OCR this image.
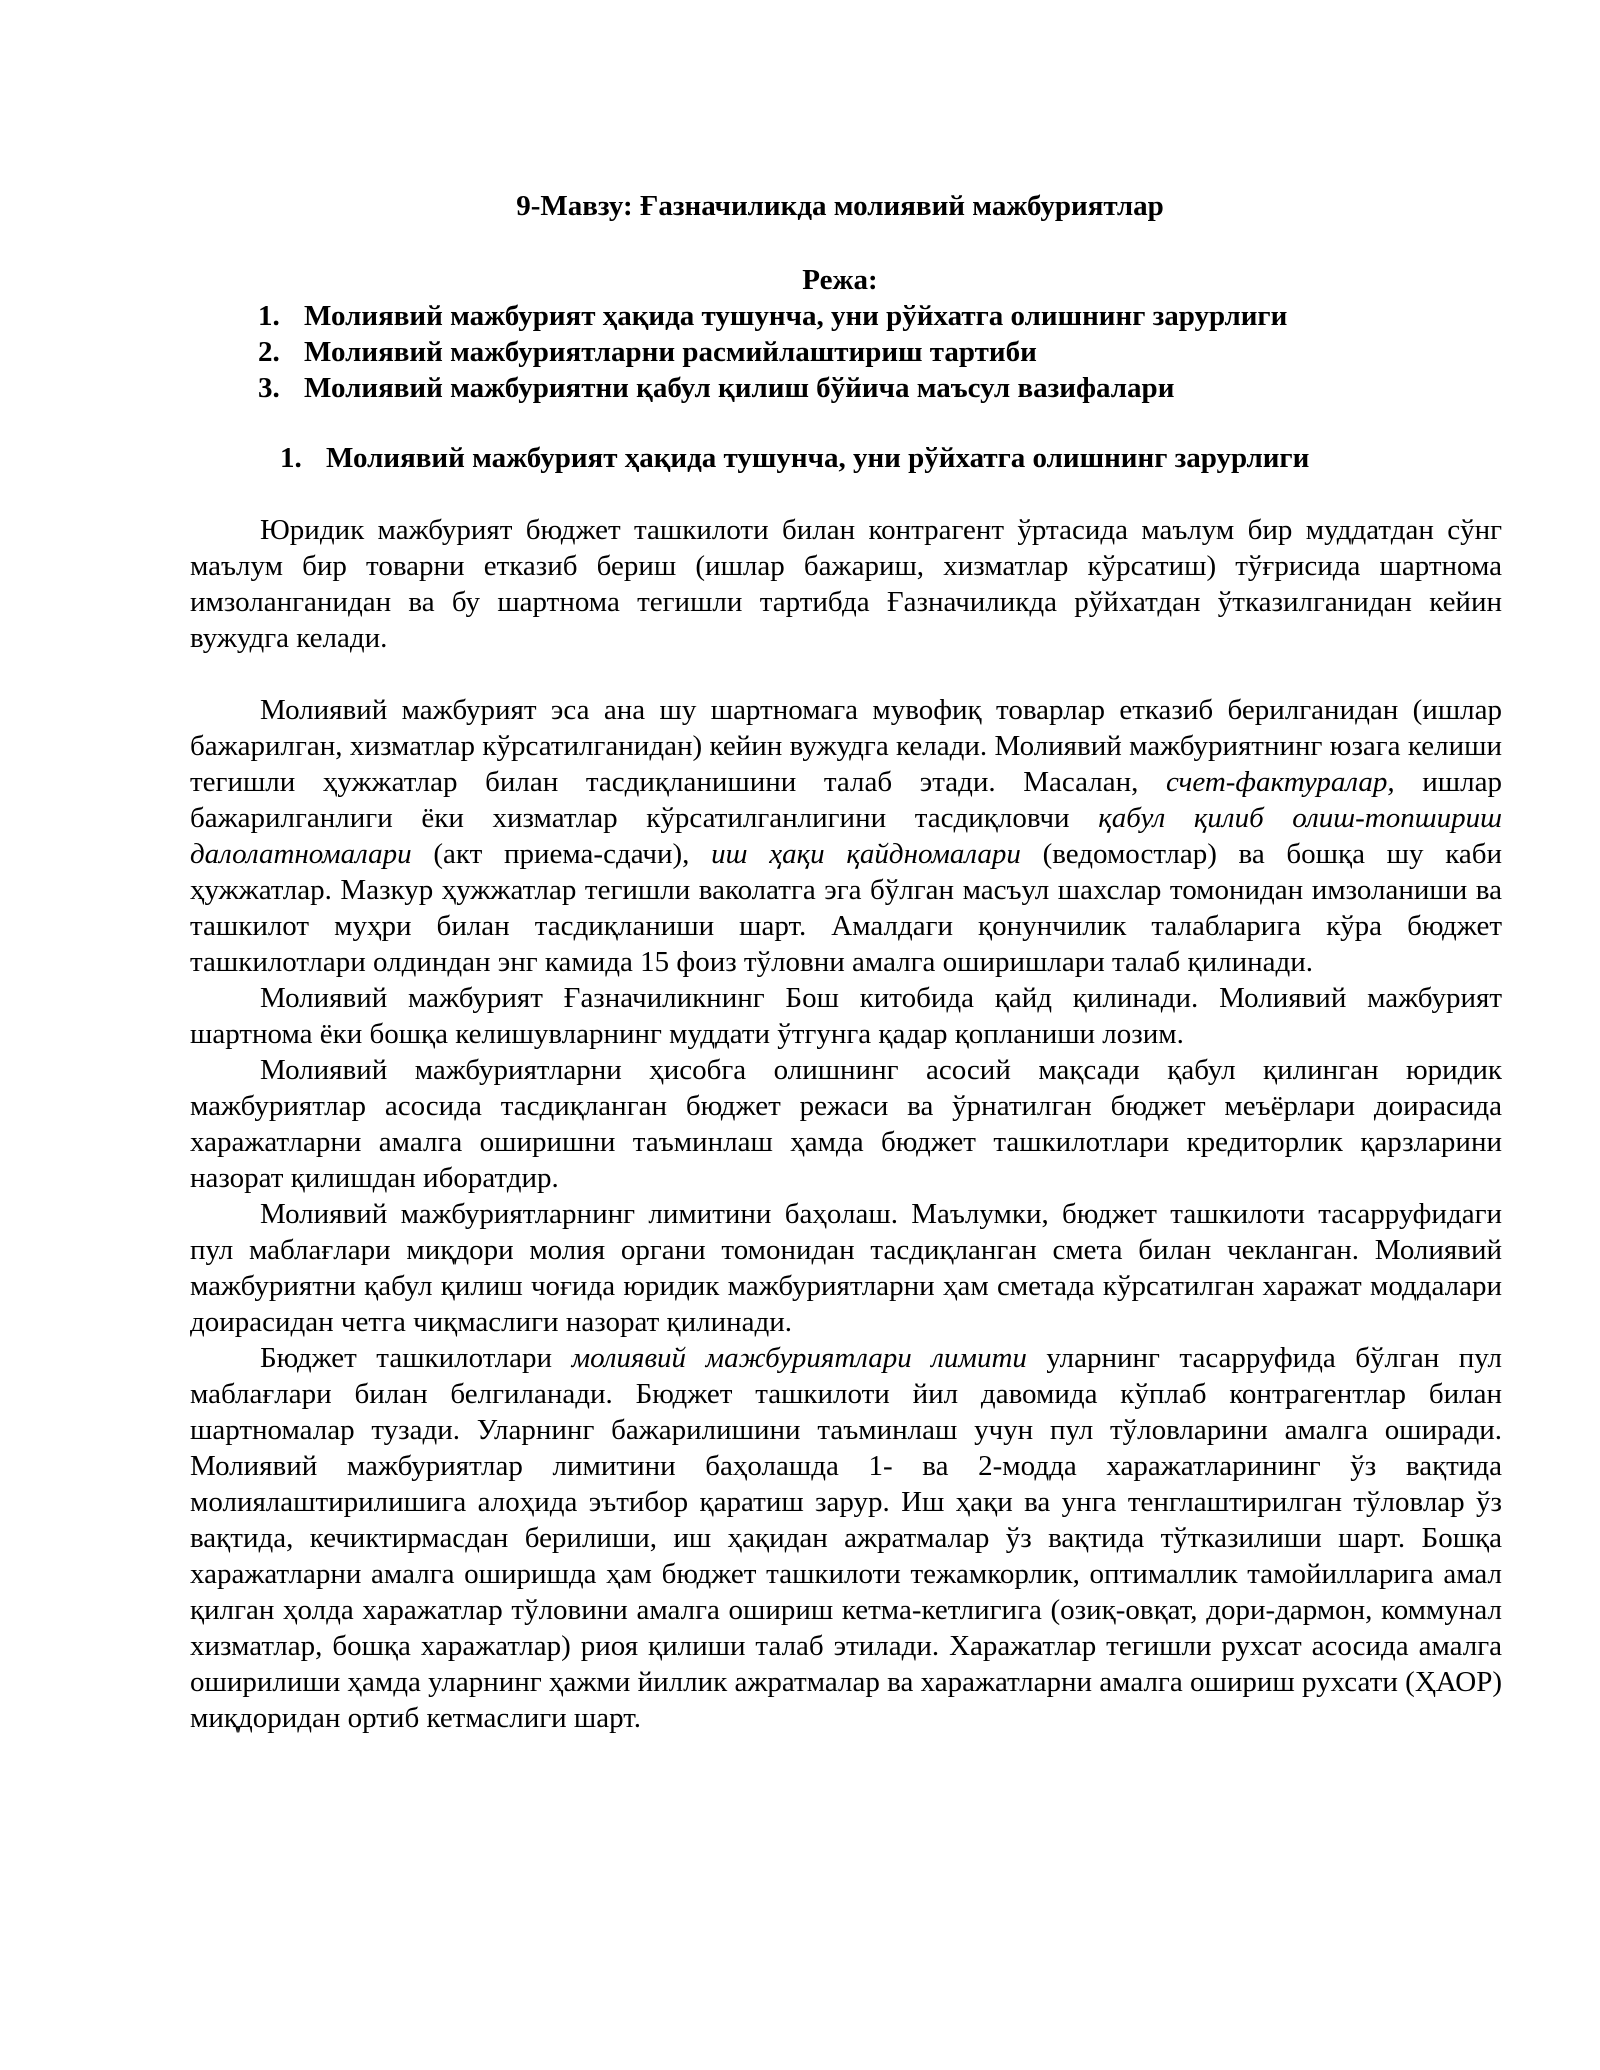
9-Мавзу: Ғазначиликда молиявий мажбуриятлар
Режа:
1. Молиявий мажбурият ҳақида тушунча, уни рўйхатга олишнинг зарурлиги
2. Молиявий мажбуриятларни расмийлаштириш тартиби
3. Молиявий мажбуриятни қабул қилиш бўйича маъсул вазифалари
1. Молиявий мажбурият ҳақида тушунча, уни рўйхатга олишнинг зарурлиги

Юридик мажбурият бюджет ташкилоти билан контрагент ўртасида маълум бир муддатдан сўнг маълум бир товарни етказиб бериш (ишлар бажариш, хизматлар кўрсатиш) тўғрисида шартнома имзоланганидан ва бу шартнома тегишли тартибда Ғазначиликда рўйхатдан ўтказилганидан кейин вужудга келади.

Молиявий мажбурият эса ана шу шартномага мувофиқ товарлар етказиб берилганидан (ишлар бажарилган, хизматлар кўрсатилганидан) кейин вужудга келади. Молиявий мажбуриятнинг юзага келиши тегишли ҳужжатлар билан тасдиқланишини талаб этади. Масалан, счет-фактуралар, ишлар бажарилганлиги ёки хизматлар кўрсатилганлигини тасдиқловчи қабул қилиб олиш-топшириш далолатномалари (акт приема-сдачи), иш ҳақи қайдномалари (ведомостлар) ва бошқа шу каби ҳужжатлар. Мазкур ҳужжатлар тегишли ваколатга эга бўлган масъул шахслар томонидан имзоланиши ва ташкилот муҳри билан тасдиқланиши шарт. Амалдаги қонунчилик талабларига кўра бюджет ташкилотлари олдиндан энг камида 15 фоиз тўловни амалга оширишлари талаб қилинади.

Молиявий мажбурият Ғазначиликнинг Бош китобида қайд қилинади. Молиявий мажбурият шартнома ёки бошқа келишувларнинг муддати ўтгунга қадар қопланиши лозим.

Молиявий мажбуриятларни ҳисобга олишнинг асосий мақсади қабул қилинган юридик мажбуриятлар асосида тасдиқланган бюджет режаси ва ўрнатилган бюджет меъёрлари доирасида харажатларни амалга оширишни таъминлаш ҳамда бюджет ташкилотлари кредиторлик қарзларини назорат қилишдан иборатдир.

Молиявий мажбуриятларнинг лимитини баҳолаш. Маълумки, бюджет ташкилоти тасарруфидаги пул маблағлари миқдори молия органи томонидан тасдиқланган смета билан чекланган. Молиявий мажбуриятни қабул қилиш чоғида юридик мажбуриятларни ҳам сметада кўрсатилган харажат моддалари доирасидан четга чиқмаслиги назорат қилинади.

Бюджет ташкилотлари молиявий мажбуриятлари лимити уларнинг тасарруфида бўлган пул маблағлари билан белгиланади. Бюджет ташкилоти йил давомида кўплаб контрагентлар билан шартномалар тузади. Уларнинг бажарилишини таъминлаш учун пул тўловларини амалга оширади. Молиявий мажбуриятлар лимитини баҳолашда 1- ва 2-модда харажатларининг ўз вақтида молиялаштирилишига алоҳида эътибор қаратиш зарур. Иш ҳақи ва унга тенглаштирилган тўловлар ўз вақтида, кечиктирмасдан берилиши, иш ҳақидан ажратмалар ўз вақтида тўтказилиши шарт. Бошқа харажатларни амалга оширишда ҳам бюджет ташкилоти тежамкорлик, оптималлик тамойилларига амал қилган ҳолда харажатлар тўловини амалга ошириш кетма-кетлигига (озиқ-овқат, дори-дармон, коммунал хизматлар, бошқа харажатлар) риоя қилиши талаб этилади. Харажатлар тегишли рухсат асосида амалга оширилиши ҳамда уларнинг ҳажми йиллик ажратмалар ва харажатларни амалга ошириш рухсати (ҲАОР) миқдоридан ортиб кетмаслиги шарт.
